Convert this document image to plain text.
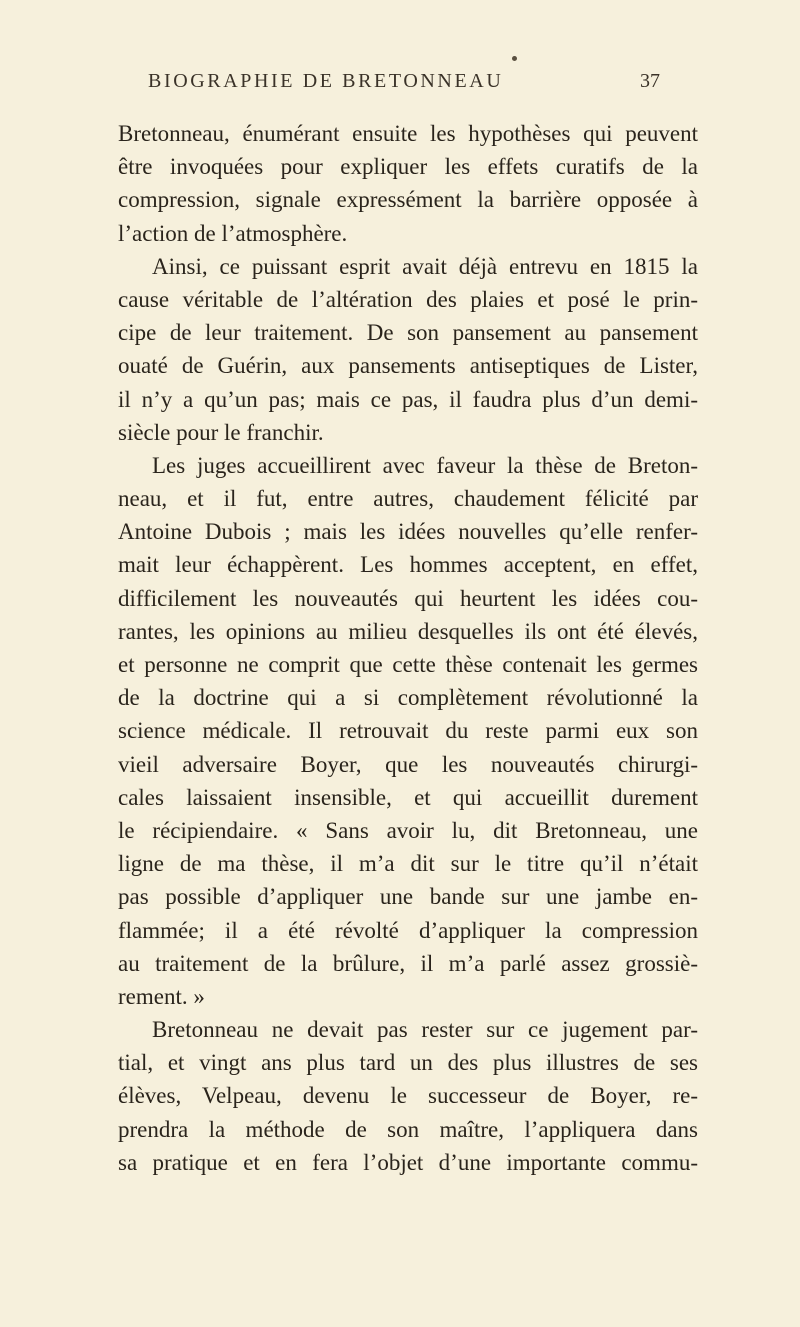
BIOGRAPHIE DE BRETONNEAU	37
Bretonneau, énumérant ensuite les hypothèses qui peuvent
être invoquées pour expliquer les effets curatifs de la
compression, signale expressément la barrière opposée à
l’action de l’atmosphère.
Ainsi, ce puissant esprit avait déjà entrevu en 1815 la
cause véritable de l’altération des plaies et posé le prin-
cipe de leur traitement. De son pansement au pansement
ouaté de Guérin, aux pansements antiseptiques de Lister,
il n’y a qu’un pas; mais ce pas, il faudra plus d’un demi-
siècle pour le franchir.
Les juges accueillirent avec faveur la thèse de Breton-
neau, et il fut, entre autres, chaudement félicité par
Antoine Dubois ; mais les idées nouvelles qu’elle renfer-
mait leur échappèrent. Les hommes acceptent, en effet,
difficilement les nouveautés qui heurtent les idées cou-
rantes, les opinions au milieu desquelles ils ont été élevés,
et personne ne comprit que cette thèse contenait les germes
de la doctrine qui a si complètement révolutionné la
science médicale. Il retrouvait du reste parmi eux son
vieil adversaire Boyer, que les nouveautés chirurgi-
cales laissaient insensible, et qui accueillit durement
le récipiendaire. « Sans avoir lu, dit Bretonneau, une
ligne de ma thèse, il m’a dit sur le titre qu’il n’était
pas possible d’appliquer une bande sur une jambe en-
flammée; il a été révolté d’appliquer la compression
au traitement de la brûlure, il m’a parlé assez grossiè-
rement. »
Bretonneau ne devait pas rester sur ce jugement par-
tial, et vingt ans plus tard un des plus illustres de ses
élèves, Velpeau, devenu le successeur de Boyer, re-
prendra la méthode de son maître, l’appliquera dans
sa pratique et en fera l’objet d’une importante commu-
